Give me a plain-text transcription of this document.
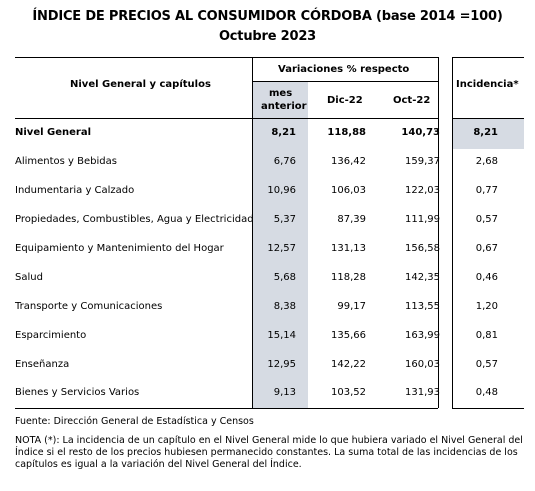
ÍNDICE DE PRECIOS AL CONSUMIDOR CÓRDOBA (base 2014 =100)
Octubre 2023
Nivel General y capítulos
Variaciones % respecto
mes
anterior
Dic-22	Oct-22
Incidencia*
Nivel General	8,21	118,88	140,73	8,21
Alimentos y Bebidas	6,76	136,42	159,37	2,68
Indumentaria y Calzado	10,96	106,03	122,03	0,77
Propiedades, Combustibles, Agua y Electricidad	5,37	87,39	111,99	0,57
Equipamiento y Mantenimiento del Hogar	12,57	131,13	156,58	0,67
Salud	5,68	118,28	142,35	0,46
Transporte y Comunicaciones	8,38	99,17	113,55	1,20
Esparcimiento	15,14	135,66	163,99	0,81
Enseñanza	12,95	142,22	160,03	0,57
Bienes y Servicios Varios	9,13	103,52	131,93	0,48
Fuente: Dirección General de Estadística y Censos
NOTA (*): La incidencia de un capítulo en el Nivel General mide lo que hubiera variado el Nivel General del Índice si el resto de los precios hubiesen permanecido constantes. La suma total de las incidencias de los capítulos es igual a la variación del Nivel General del Índice.
